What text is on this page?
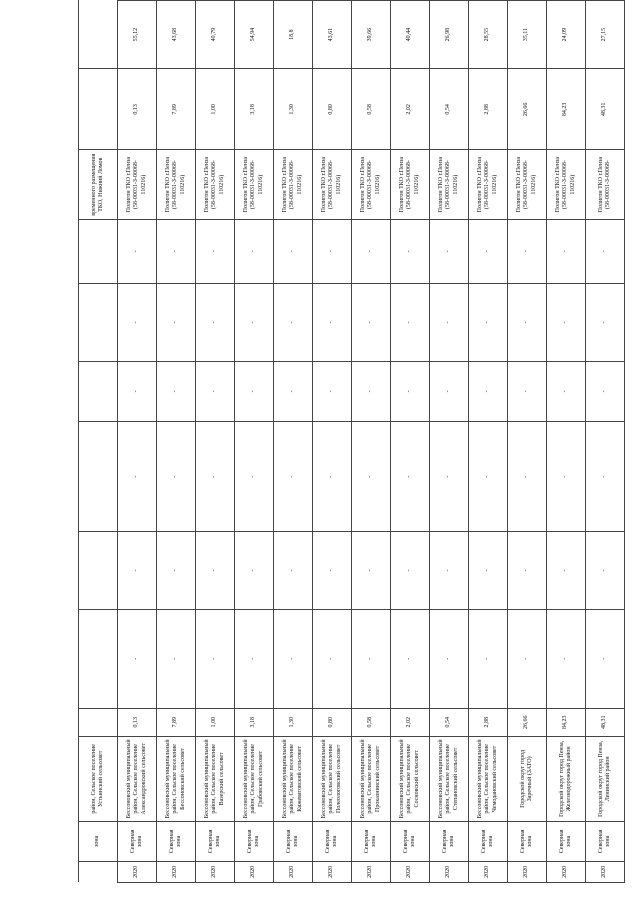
	зона	район, Сельское поселение Устьинский сельсовет								временного размещения ТКО, Нижний Ломов		
2020	Северная зона	Бессоновский муниципальный район, Сельское поселение Александровский сельсовет	0,13	-	-	-	-	-	-	Полигон ТКО г.Пенза (58-00031-З-00068-110216)	0,13	55,12
2020	Северная зона	Бессоновский муниципальный район, Сельское поселение Бессоновский сельсовет	7,89	-	-	-	-	-	-	Полигон ТКО г.Пенза (58-00031-З-00068-110216)	7,89	43,68
2020	Северная зона	Бессоновский муниципальный район, Сельское поселение Вазерский сельсовет	1,00	-	-	-	-	-	-	Полигон ТКО г.Пенза (58-00031-З-00068-110216)	1,00	40,79
2020	Северная зона	Бессоновский муниципальный район, Сельское поселение Грабовский сельсовет	3,18	-	-	-	-	-	-	Полигон ТКО г.Пенза (58-00031-З-00068-110216)	3,18	54,94
2020	Северная зона	Бессоновский муниципальный район, Сельское поселение Кижеватовский сельсовет	1,30	-	-	-	-	-	-	Полигон ТКО г.Пенза (58-00031-З-00068-110216)	1,30	18,8
2020	Северная зона	Бессоновский муниципальный район, Сельское поселение Полеологовский сельсовет	0,80	-	-	-	-	-	-	Полигон ТКО г.Пенза (58-00031-З-00068-110216)	0,80	43,61
2020	Северная зона	Бессоновский муниципальный район, Сельское поселение Проказнинский сельсовет	0,58	-	-	-	-	-	-	Полигон ТКО г.Пенза (58-00031-З-00068-110216)	0,58	39,66
2020	Северная зона	Бессоновский муниципальный район, Сельское поселение Сосновский сельсовет	2,02	-	-	-	-	-	-	Полигон ТКО г.Пенза (58-00031-З-00068-110216)	2,02	40,44
2020	Северная зона	Бессоновский муниципальный район, Сельское поселение Степановский сельсовет	0,54	-	-	-	-	-	-	Полигон ТКО г.Пенза (58-00031-З-00068-110216)	0,54	26,98
2020	Северная зона	Бессоновский муниципальный район, Сельское поселение Чемодановский сельсовет	2,88	-	-	-	-	-	-	Полигон ТКО г.Пенза (58-00031-З-00068-110216)	2,88	28,55
2020	Северная зона	Городской округ город Заречный (ЗАТО)	26,66	-	-	-	-	-	-	Полигон ТКО г.Пенза (58-00031-З-00068-110216)	26,66	35,11
2020	Северная зона	Городской округ город Пенза, Железнодорожный район	84,23	-	-	-	-	-	-	Полигон ТКО г.Пенза (58-00031-З-00068-110216)	84,23	24,09
2020	Северная зона	Городской округ город Пенза, Ленинский район	48,31	-	-	-	-	-	-	Полигон ТКО г.Пенза (58-00031-З-00068-	48,31	27,15
